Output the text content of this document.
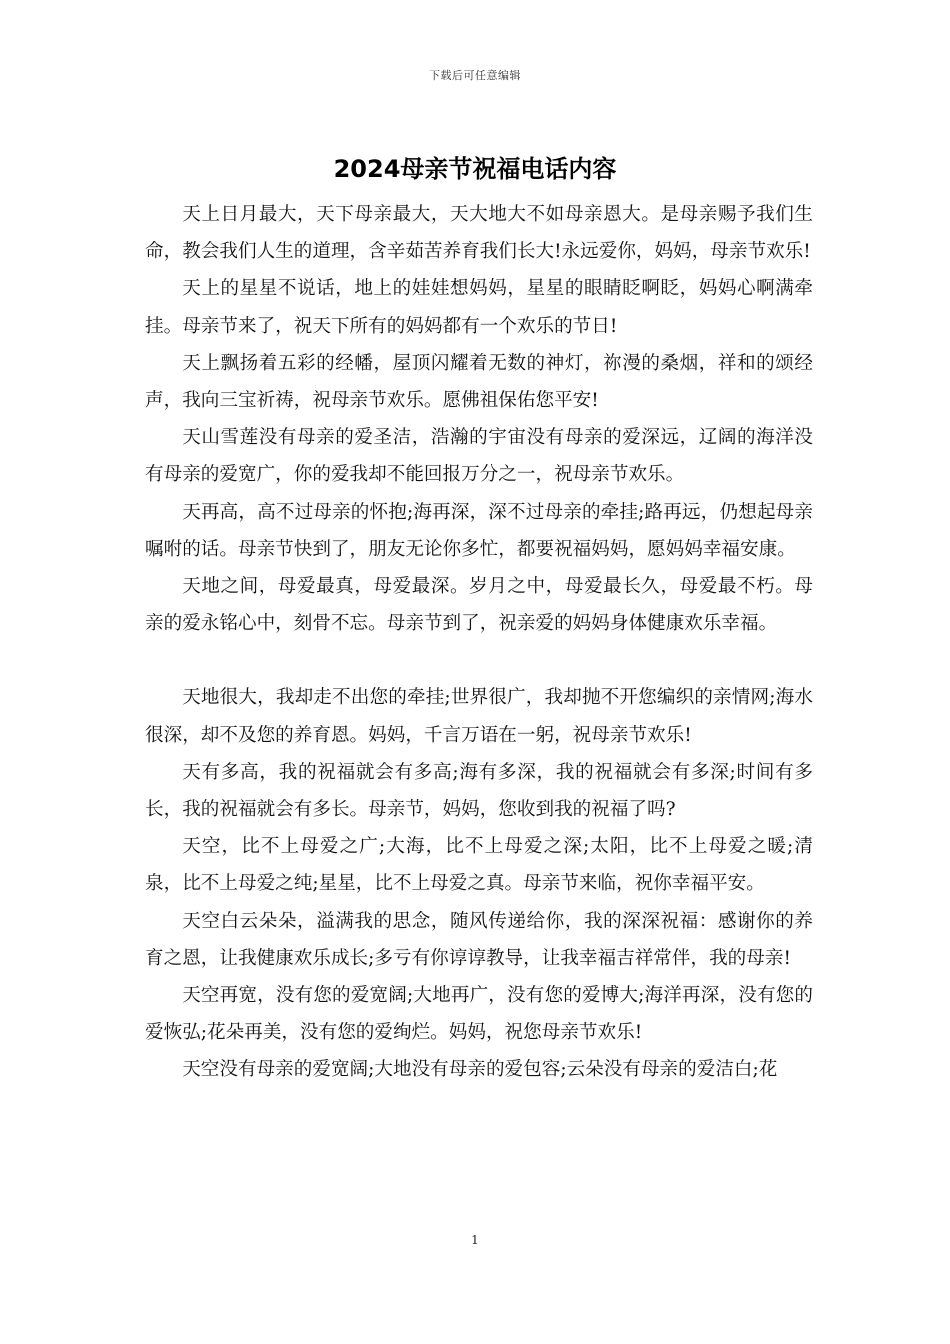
下载后可任意编辑
2024母亲节祝福电话内容

天上日月最大，天下母亲最大，天大地大不如母亲恩大。是母亲赐予我们生命，教会我们人生的道理，含辛茹苦养育我们长大!永远爱你，妈妈，母亲节欢乐!

天上的星星不说话，地上的娃娃想妈妈，星星的眼睛眨啊眨，妈妈心啊满牵挂。母亲节来了，祝天下所有的妈妈都有一个欢乐的节日!

天上飘扬着五彩的经幡，屋顶闪耀着无数的神灯，祢漫的桑烟，祥和的颂经声，我向三宝祈祷，祝母亲节欢乐。愿佛祖保佑您平安!

天山雪莲没有母亲的爱圣洁，浩瀚的宇宙没有母亲的爱深远，辽阔的海洋没有母亲的爱宽广，你的爱我却不能回报万分之一，祝母亲节欢乐。

天再高，高不过母亲的怀抱;海再深，深不过母亲的牵挂;路再远，仍想起母亲嘱咐的话。母亲节快到了，朋友无论你多忙，都要祝福妈妈，愿妈妈幸福安康。

天地之间，母爱最真，母爱最深。岁月之中，母爱最长久，母爱最不朽。母亲的爱永铭心中，刻骨不忘。母亲节到了，祝亲爱的妈妈身体健康欢乐幸福。

天地很大，我却走不出您的牵挂;世界很广，我却抛不开您编织的亲情网;海水很深，却不及您的养育恩。妈妈，千言万语在一躬，祝母亲节欢乐!

天有多高，我的祝福就会有多高;海有多深，我的祝福就会有多深;时间有多长，我的祝福就会有多长。母亲节，妈妈，您收到我的祝福了吗?

天空，比不上母爱之广;大海，比不上母爱之深;太阳，比不上母爱之暖;清泉，比不上母爱之纯;星星，比不上母爱之真。母亲节来临，祝你幸福平安。

天空白云朵朵，溢满我的思念，随风传递给你，我的深深祝福：感谢你的养育之恩，让我健康欢乐成长;多亏有你谆谆教导，让我幸福吉祥常伴，我的母亲!

天空再宽，没有您的爱宽阔;大地再广，没有您的爱博大;海洋再深，没有您的爱恢弘;花朵再美，没有您的爱绚烂。妈妈，祝您母亲节欢乐!

天空没有母亲的爱宽阔;大地没有母亲的爱包容;云朵没有母亲的爱洁白;花

1
